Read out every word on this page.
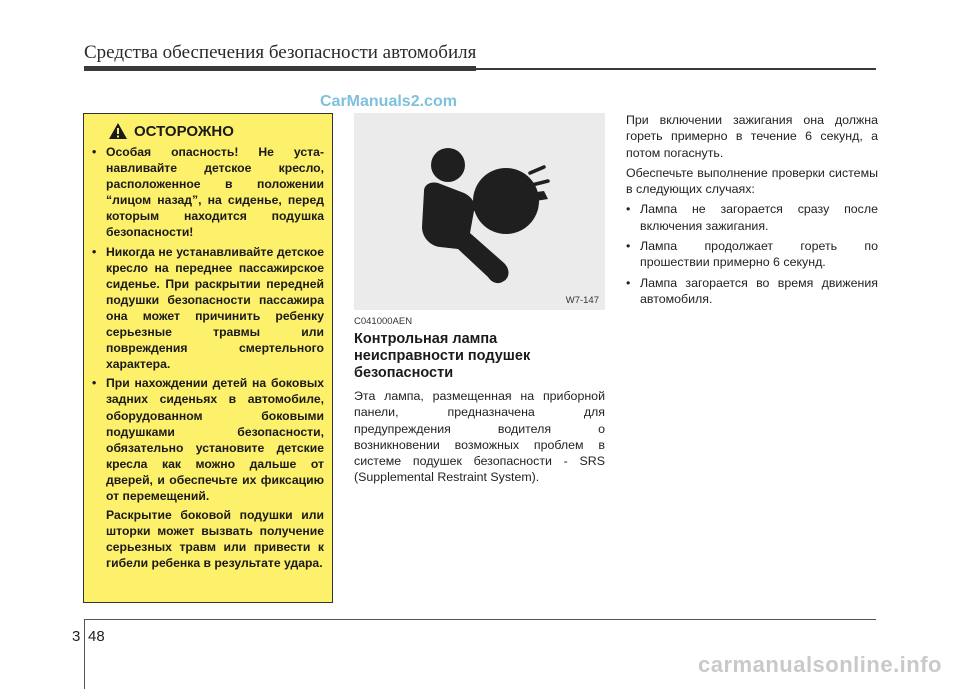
Средства обеспечения безопасности автомобиля
CarManuals2.com
ОСТОРОЖНО
• Особая опасность! Не устанавливайте детское кресло, расположенное в положении “лицом назад”, на сиденье, перед которым находится подушка безопасности!

• Никогда не устанавливайте детское кресло на переднее пассажирское сиденье. При раскрытии передней подушки безопасности пассажира она может причинить ребенку серьезные травмы или повреждения смертельного характера.

• При нахождении детей на боковых задних сиденьях в автомобиле, оборудованном боковыми подушками безопасности, обязательно установите детские кресла как можно дальше от дверей, и обеспечьте их фиксацию от перемещений.

Раскрытие боковой подушки или шторки может вызвать получение серьезных травм или привести к гибели ребенка в результате удара.

W7-147
C041000AEN
Контрольная лампа неисправности подушек безопасности

Эта лампа, размещенная на приборной панели, предназначена для предупреждения водителя о возникновении возможных проблем в системе подушек безопасности - SRS (Supplemental Restraint System).

При включении зажигания она должна гореть примерно в течение 6 секунд, а потом погаснуть.

Обеспечьте выполнение проверки системы в следующих случаях:

• Лампа не загорается сразу после включения зажигания.
• Лампа продолжает гореть по прошествии примерно 6 секунд.
• Лампа загорается во время движения автомобиля.
3 48
carmanualsonline.info
